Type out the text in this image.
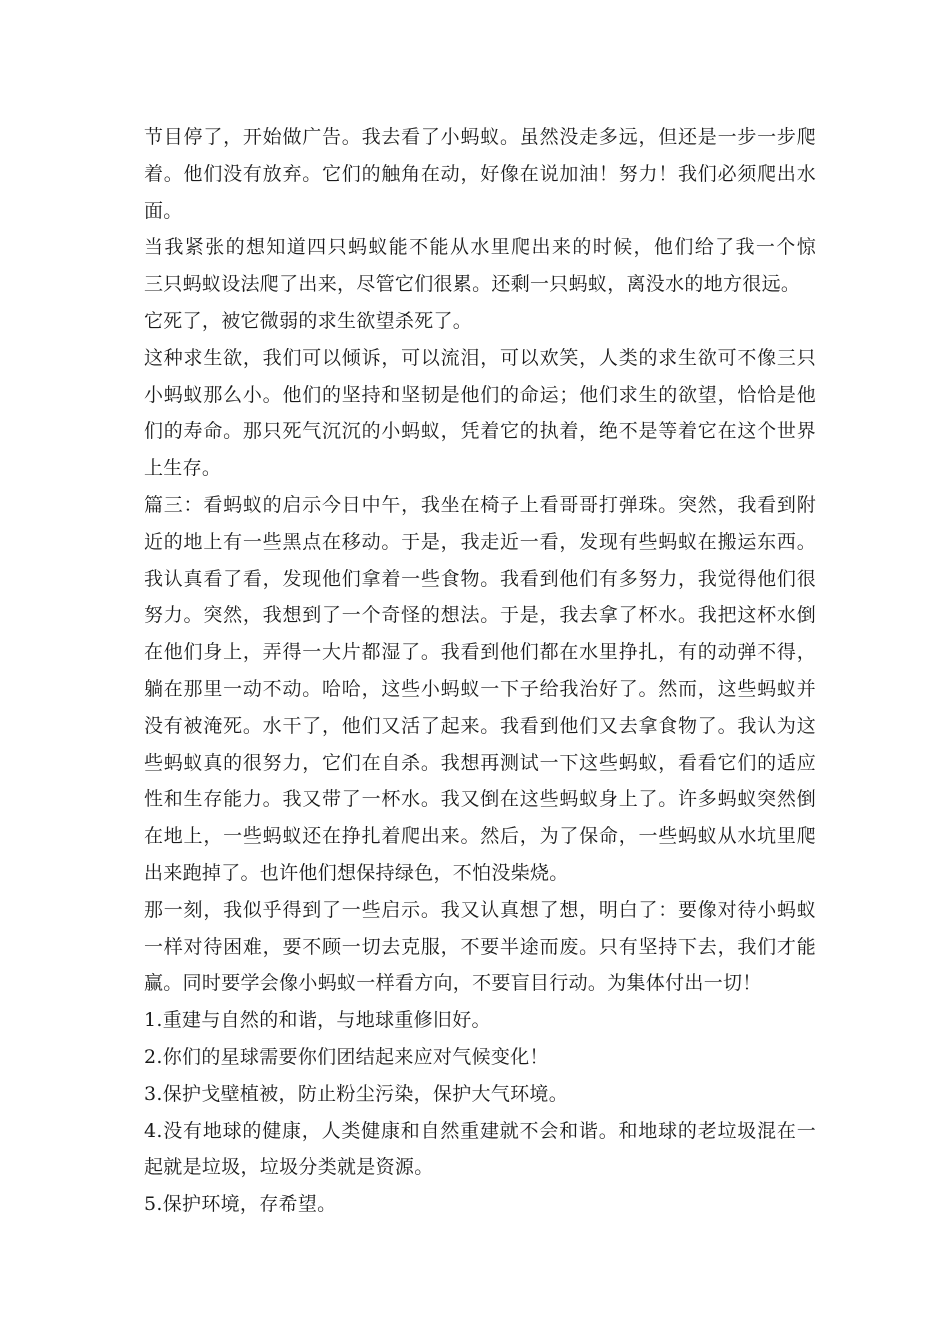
节目停了，开始做广告。我去看了小蚂蚁。虽然没走多远，但还是一步一步爬
着。他们没有放弃。它们的触角在动，好像在说加油！努力！我们必须爬出水
面。
当我紧张的想知道四只蚂蚁能不能从水里爬出来的时候，他们给了我一个惊
三只蚂蚁设法爬了出来，尽管它们很累。还剩一只蚂蚁，离没水的地方很远。
它死了，被它微弱的求生欲望杀死了。
这种求生欲，我们可以倾诉，可以流泪，可以欢笑，人类的求生欲可不像三只
小蚂蚁那么小。他们的坚持和坚韧是他们的命运；他们求生的欲望，恰恰是他
们的寿命。那只死气沉沉的小蚂蚁，凭着它的执着，绝不是等着它在这个世界
上生存。
篇三：看蚂蚁的启示今日中午，我坐在椅子上看哥哥打弹珠。突然，我看到附
近的地上有一些黑点在移动。于是，我走近一看，发现有些蚂蚁在搬运东西。
我认真看了看，发现他们拿着一些食物。我看到他们有多努力，我觉得他们很
努力。突然，我想到了一个奇怪的想法。于是，我去拿了杯水。我把这杯水倒
在他们身上，弄得一大片都湿了。我看到他们都在水里挣扎，有的动弹不得，
躺在那里一动不动。哈哈，这些小蚂蚁一下子给我治好了。然而，这些蚂蚁并
没有被淹死。水干了，他们又活了起来。我看到他们又去拿食物了。我认为这
些蚂蚁真的很努力，它们在自杀。我想再测试一下这些蚂蚁，看看它们的适应
性和生存能力。我又带了一杯水。我又倒在这些蚂蚁身上了。许多蚂蚁突然倒
在地上，一些蚂蚁还在挣扎着爬出来。然后，为了保命，一些蚂蚁从水坑里爬
出来跑掉了。也许他们想保持绿色，不怕没柴烧。
那一刻，我似乎得到了一些启示。我又认真想了想，明白了：要像对待小蚂蚁
一样对待困难，要不顾一切去克服，不要半途而废。只有坚持下去，我们才能
赢。同时要学会像小蚂蚁一样看方向，不要盲目行动。为集体付出一切！
1.重建与自然的和谐，与地球重修旧好。
2.你们的星球需要你们团结起来应对气候变化！
3.保护戈壁植被，防止粉尘污染，保护大气环境。
4.没有地球的健康，人类健康和自然重建就不会和谐。和地球的老垃圾混在一
起就是垃圾，垃圾分类就是资源。
5.保护环境，存希望。
